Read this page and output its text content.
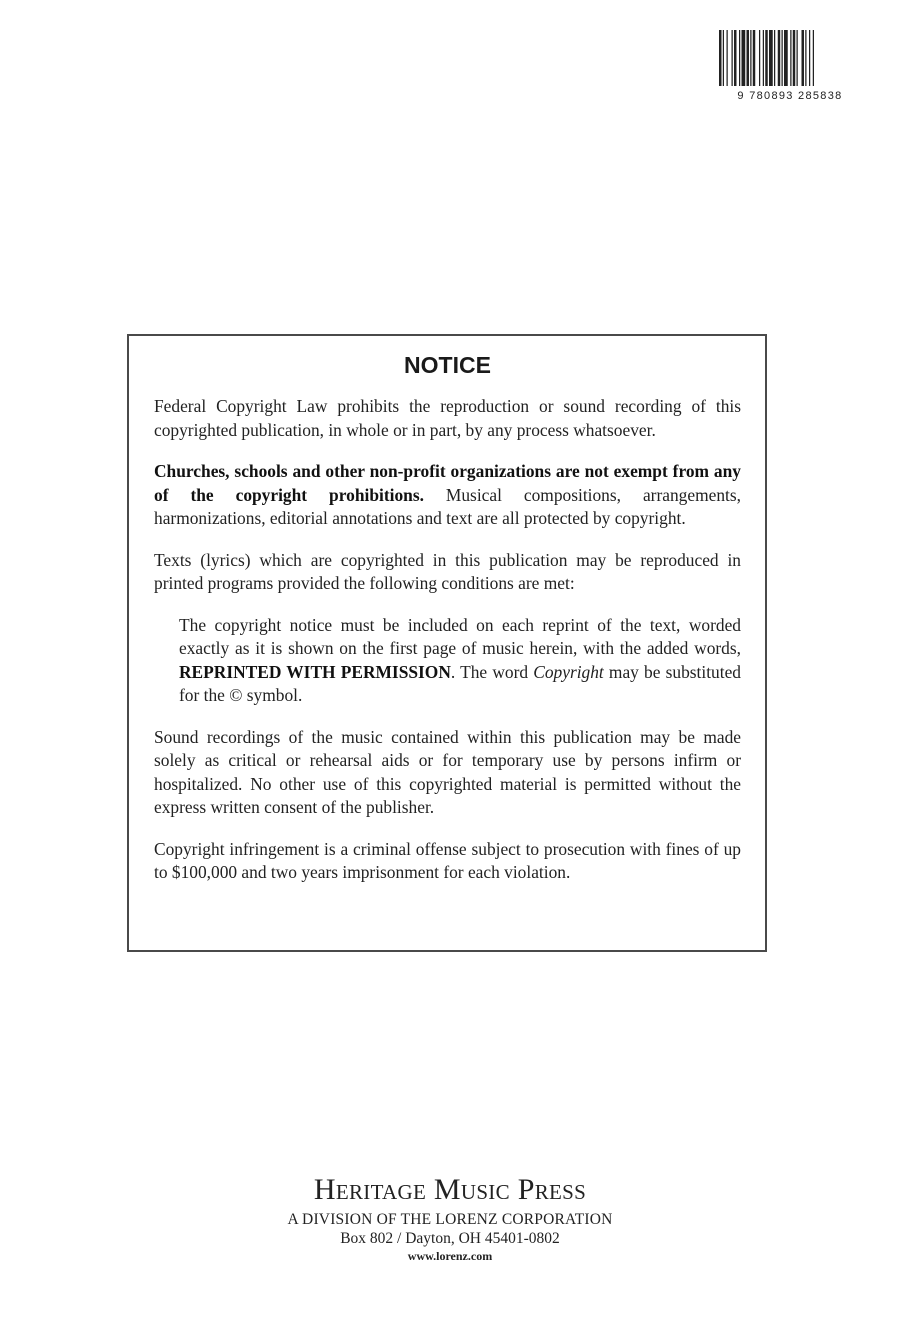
9 780893 285838
NOTICE

Federal Copyright Law prohibits the reproduction or sound recording of this copyrighted publication, in whole or in part, by any process whatsoever.

Churches, schools and other non-profit organizations are not exempt from any of the copyright prohibitions. Musical compositions, arrangements, harmonizations, editorial annotations and text are all protected by copyright.

Texts (lyrics) which are copyrighted in this publication may be reproduced in printed programs provided the following conditions are met:

The copyright notice must be included on each reprint of the text, worded exactly as it is shown on the first page of music herein, with the added words, REPRINTED WITH PERMISSION. The word Copyright may be substituted for the © symbol.

Sound recordings of the music contained within this publication may be made solely as critical or rehearsal aids or for temporary use by persons infirm or hospitalized. No other use of this copyrighted material is permitted without the express written consent of the publisher.

Copyright infringement is a criminal offense subject to prosecution with fines of up to $100,000 and two years imprisonment for each violation.

Heritage Music Press
A DIVISION OF THE LORENZ CORPORATION
Box 802 / Dayton, OH 45401-0802
www.lorenz.com
